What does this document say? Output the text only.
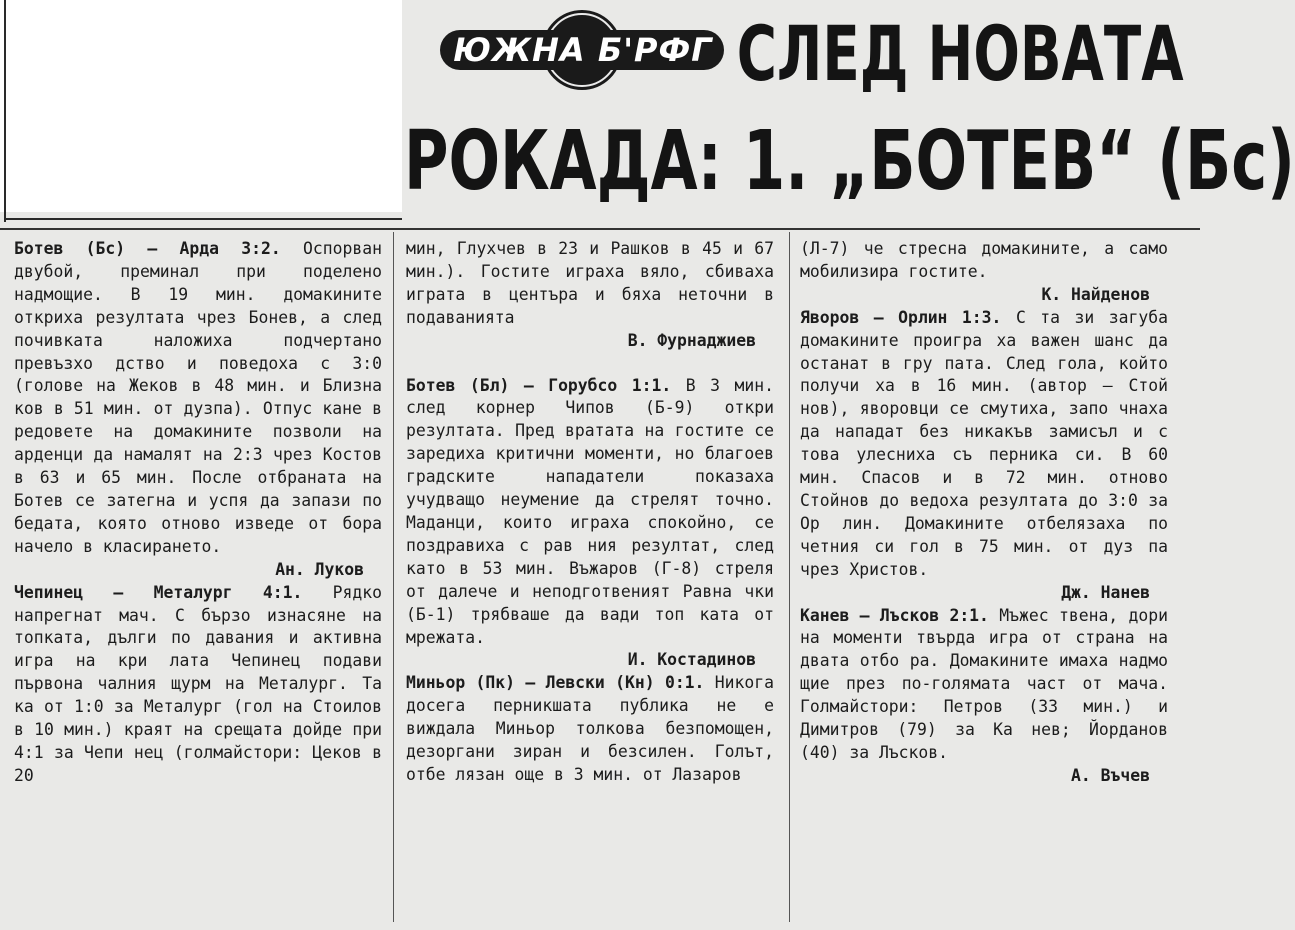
ЮЖНА Б'РФГ СЛЕД НОВАТА
РОКАДА: 1. „БОТЕВ“ (Бс)

Ботев (Бс) — Арда 3:2. Оспорван двубой, преминал при поделено надмощие. В 19 мин. домакините откриха резултата чрез Бонев, а след почивката наложиха подчертано превъзхо дство и поведоха с 3:0 (голове на Жеков в 48 мин. и Близна ков в 51 мин. от дузпа). Отпус кане в редовете на домакините позволи на арденци да намалят на 2:3 чрез Костов в 63 и 65 мин. После отбраната на Ботев се затегна и успя да запази по бедата, която отново изведе от бора начело в класирането.

Ан. Луков

Чепинец — Металург 4:1. Рядко напрегнат мач. С бързо изнасяне на топката, дълги по давания и активна игра на кри лата Чепинец подави първона чалния щурм на Металург. Та ка от 1:0 за Металург (гол на Стоилов в 10 мин.) краят на срещата дойде при 4:1 за Чепи нец (голмайстори: Цеков в 20

мин, Глухчев в 23 и Рашков в 45 и 67 мин.). Гостите играха вяло, сбиваха играта в центъра и бяха неточни в подаванията

В. Фурнаджиев

Ботев (Бл) — Горубсо 1:1. В 3 мин. след корнер Чипов (Б-9) откри резултата. Пред вратата на гостите се зарeдиха критични моменти, но благоев градските нападатели показаха учудващо неумение да стрелят точно. Маданци, които играха спокойно, се поздравиха с рав ния резултат, след като в 53 мин. Въжаров (Г-8) стреля от далече и неподготвеният Равна чки (Б-1) трябваше да вади топ ката от мрежата.

И. Костадинов

Миньор (Пк) — Левски (Кн) 0:1. Никога досега перникшата публика не е виждала Миньор толкова безпомощен, дезоргани зиран и безсилен. Голът, отбе лязан още в 3 мин. от Лазаров

(Л-7) че стресна домакините, а само мобилизира гостите.

К. Найденов

Яворов — Орлин 1:3. С та зи загуба домакините проигра ха важен шанс да останат в гру пата. След гола, който получи ха в 16 мин. (автор — Стой нов), яворовци се смутиха, запо чнаха да нападат без никакъв замисъл и с това улесниха съ перника си. В 60 мин. Спасов и в 72 мин. отново Стойнов до ведоха резултата до 3:0 за Ор лин. Домакините отбелязаха по четния си гол в 75 мин. от дуз па чрез Христов.

Дж. Нанев

Канев — Лъсков 2:1. Мъжес твена, дори на моменти твърда игра от страна на двата отбо ра. Домакините имаха надмо щие през по-голямата част от мача. Голмайстори: Петров (33 мин.) и Димитров (79) за Ка нев; Йорданов (40) за Лъсков.

А. Въчев
